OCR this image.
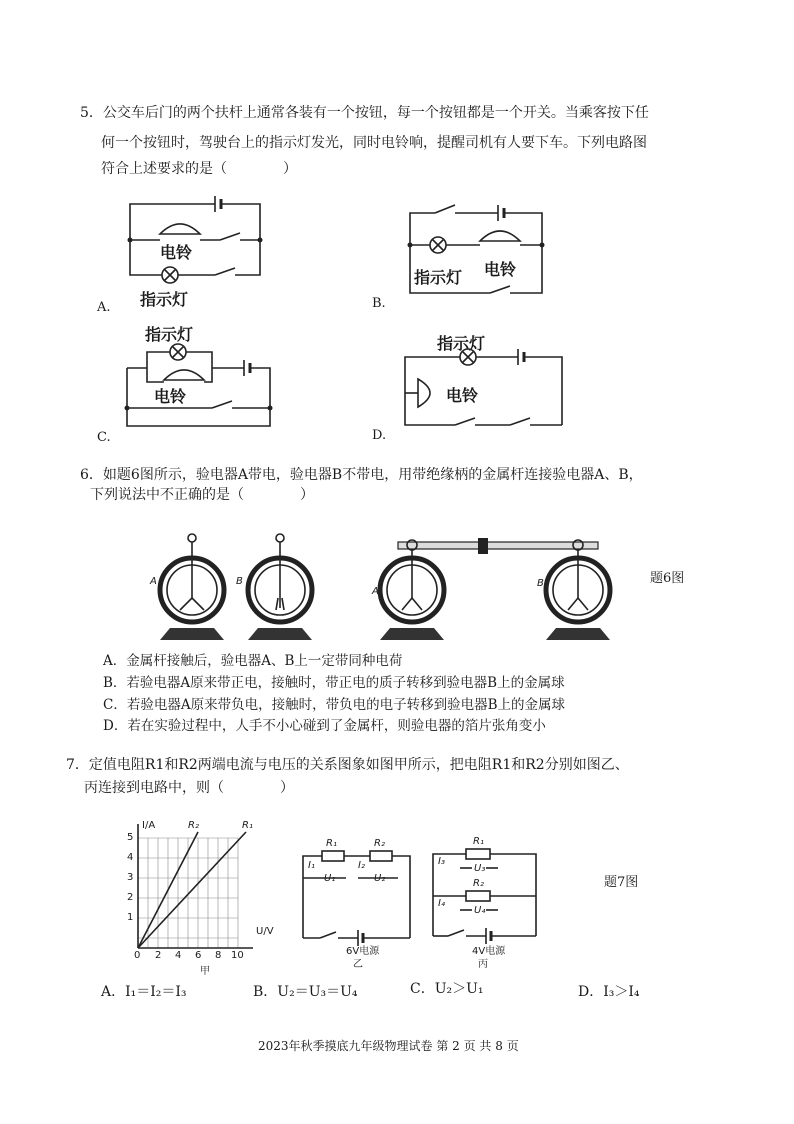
5．公交车后门的两个扶杆上通常各装有一个按钮，每一个按钮都是一个开关。当乘客按下任
何一个按钮时，驾驶台上的指示灯发光，同时电铃响，提醒司机有人要下车。下列电路图
符合上述要求的是（　　　　）
电铃
指示灯
A.
指示灯 电铃
B.
指示灯
电铃
C.
指示灯
电铃
D.
6．如题6图所示，验电器A带电，验电器B不带电，用带绝缘柄的金属杆连接验电器A、B，
下列说法中不正确的是（　　　　）
A	B
A
B	题6图
A．金属杆接触后，验电器A、B上一定带同种电荷
B．若验电器A原来带正电，接触时，带正电的质子转移到验电器B上的金属球
C．若验电器A原来带负电，接触时，带负电的电子转移到验电器B上的金属球
D．若在实验过程中，人手不小心碰到了金属杆，则验电器的箔片张角变小
7．定值电阻R1和R2两端电流与电压的关系图象如图甲所示，把电阻R1和R2分别如图乙、
丙连接到电路中，则（　　　　）
I/A
U/V
5
4
3
2
1
0 2 4 6 8 10
R₂	R₁
甲
R₁	R₂
I₁	I₂
U₁	U₂
6V电源
乙
R₁
R₂
I₃
I₄
U₃
U₄
4V电源
丙
题7图
A．I₁＝I₂＝I₃	B．U₂＝U₃＝U₄	C．U₂＞U₁	D．I₃＞I₄
2023年秋季摸底九年级物理试卷 第 2 页 共 8 页
